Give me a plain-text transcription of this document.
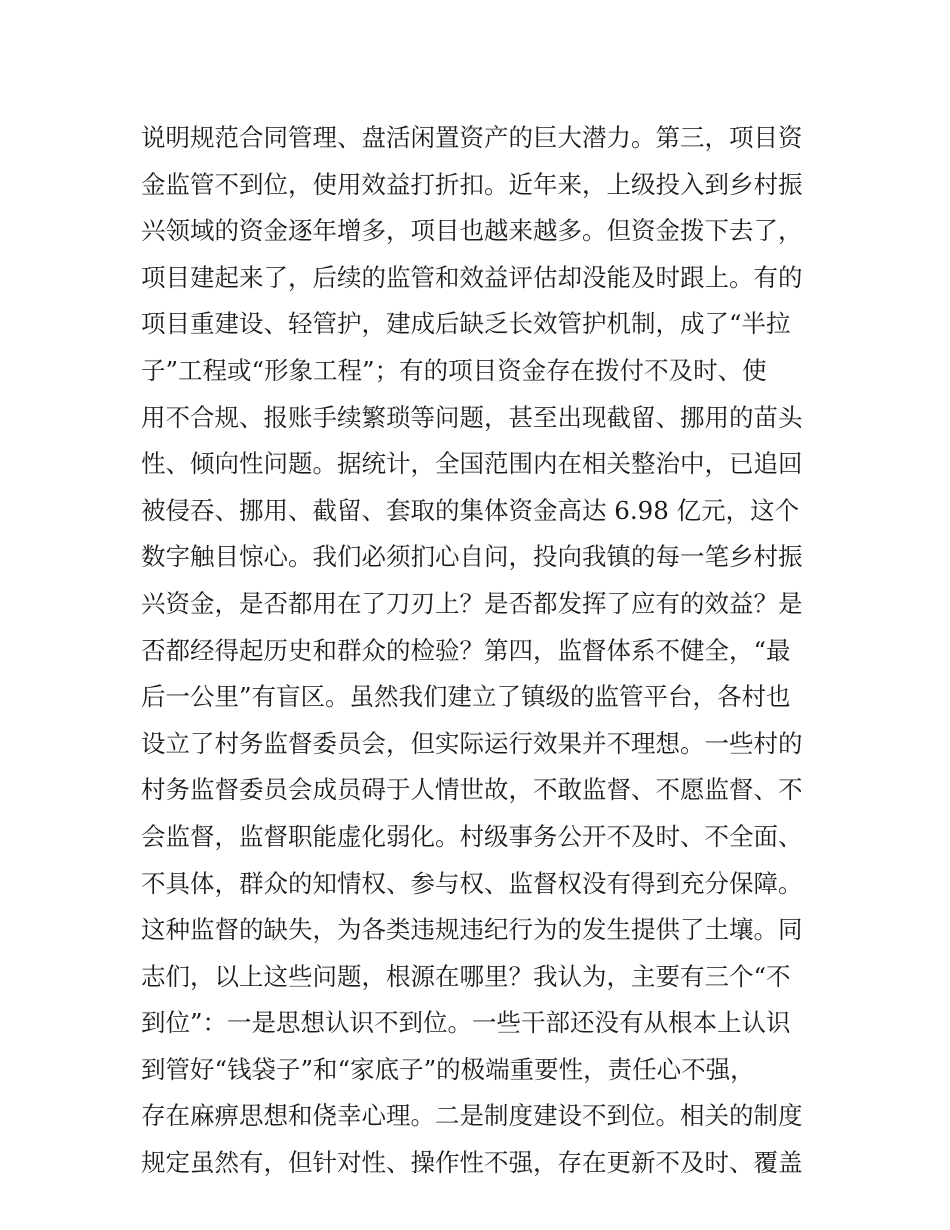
说明规范合同管理、盘活闲置资产的巨大潜力。第三，项目资
金监管不到位，使用效益打折扣。近年来，上级投入到乡村振
兴领域的资金逐年增多，项目也越来越多。但资金拨下去了，
项目建起来了，后续的监管和效益评估却没能及时跟上。有的
项目重建设、轻管护，建成后缺乏长效管护机制，成了“半拉
子”工程或“形象工程”；有的项目资金存在拨付不及时、使
用不合规、报账手续繁琐等问题，甚至出现截留、挪用的苗头
性、倾向性问题。据统计，全国范围内在相关整治中，已追回
被侵吞、挪用、截留、套取的集体资金高达 6.98 亿元，这个
数字触目惊心。我们必须扪心自问，投向我镇的每一笔乡村振
兴资金，是否都用在了刀刃上？是否都发挥了应有的效益？是
否都经得起历史和群众的检验？第四，监督体系不健全，“最
后一公里”有盲区。虽然我们建立了镇级的监管平台，各村也
设立了村务监督委员会，但实际运行效果并不理想。一些村的
村务监督委员会成员碍于人情世故，不敢监督、不愿监督、不
会监督，监督职能虚化弱化。村级事务公开不及时、不全面、
不具体，群众的知情权、参与权、监督权没有得到充分保障。
这种监督的缺失，为各类违规违纪行为的发生提供了土壤。同
志们，以上这些问题，根源在哪里？我认为，主要有三个“不
到位”：一是思想认识不到位。一些干部还没有从根本上认识
到管好“钱袋子”和“家底子”的极端重要性，责任心不强，
存在麻痹思想和侥幸心理。二是制度建设不到位。相关的制度
规定虽然有，但针对性、操作性不强，存在更新不及时、覆盖
